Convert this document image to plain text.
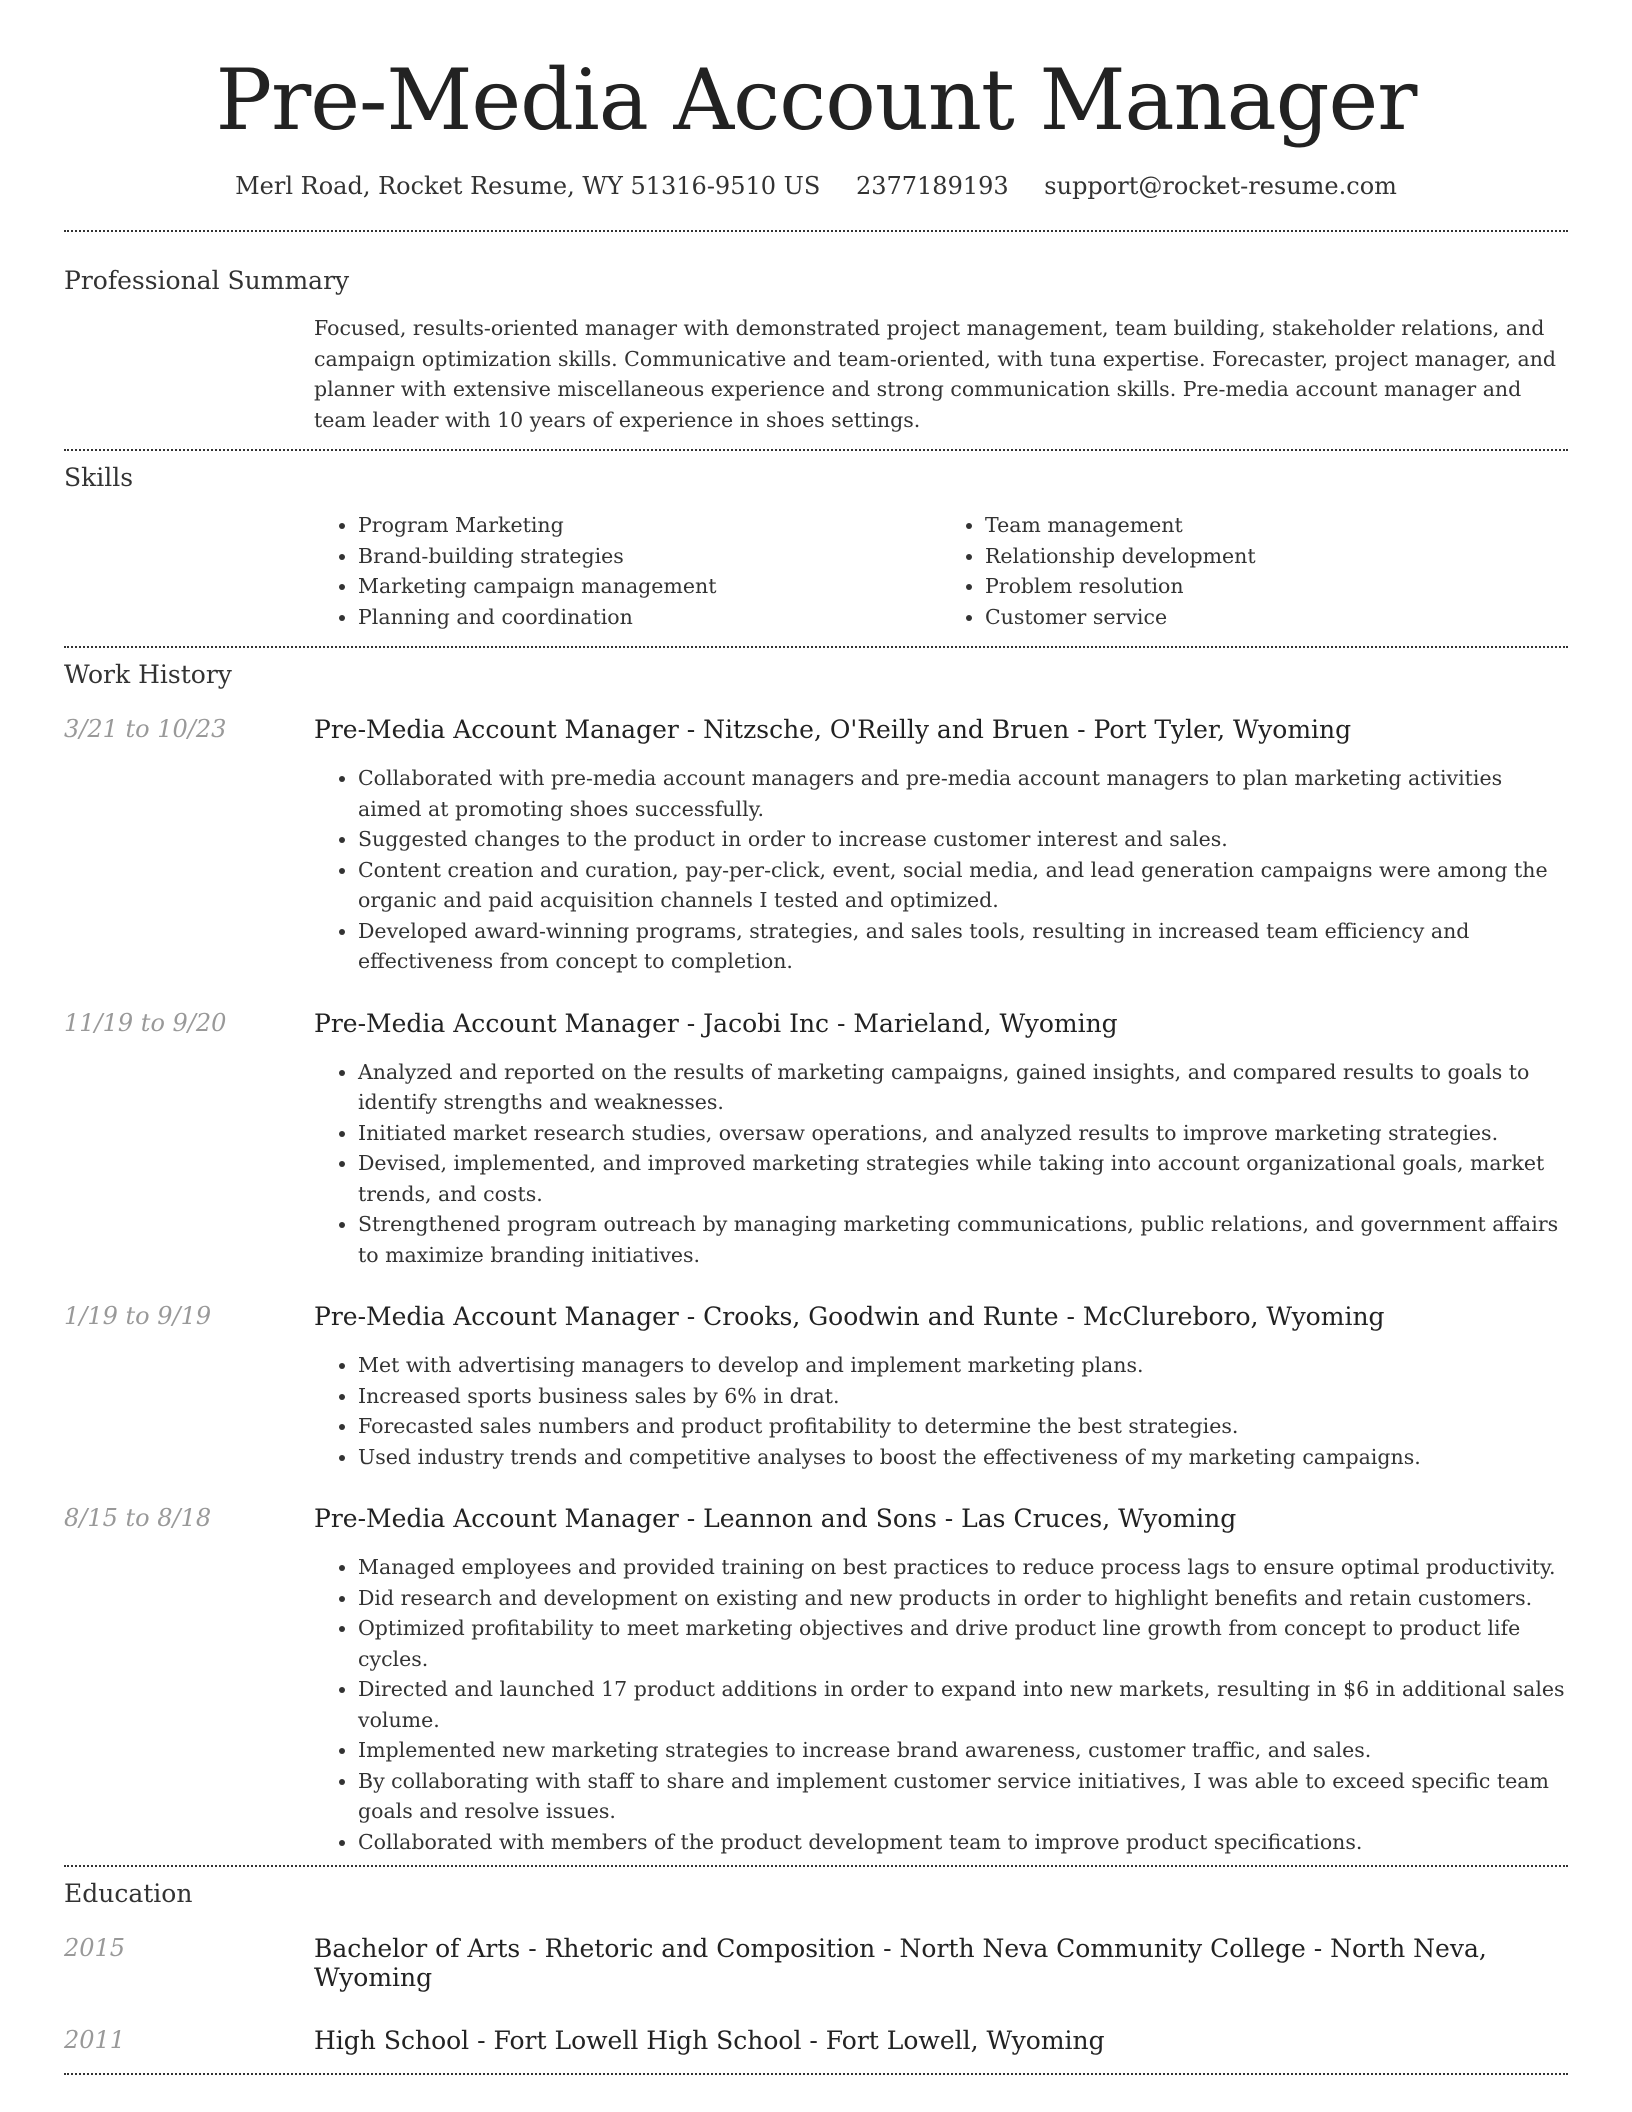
Pre-Media Account Manager
Merl Road, Rocket Resume, WY 51316-9510 US 2377189193 support@rocket-resume.com
Professional Summary

Focused, results-oriented manager with demonstrated project management, team building, stakeholder relations, and campaign optimization skills. Communicative and team-oriented, with tuna expertise. Forecaster, project manager, and planner with extensive miscellaneous experience and strong communication skills. Pre-media account manager and team leader with 10 years of experience in shoes settings.

Skills
• Program Marketing
• Brand-building strategies
• Marketing campaign management
• Planning and coordination
• Team management
• Relationship development
• Problem resolution
• Customer service
Work History
3/21 to 10/23	Pre-Media Account Manager - Nitzsche, O'Reilly and Bruen - Port Tyler, Wyoming
• Collaborated with pre-media account managers and pre-media account managers to plan marketing activities aimed at promoting shoes successfully.
• Suggested changes to the product in order to increase customer interest and sales.
• Content creation and curation, pay-per-click, event, social media, and lead generation campaigns were among the organic and paid acquisition channels I tested and optimized.
• Developed award-winning programs, strategies, and sales tools, resulting in increased team efficiency and effectiveness from concept to completion.
11/19 to 9/20	Pre-Media Account Manager - Jacobi Inc - Marieland, Wyoming
• Analyzed and reported on the results of marketing campaigns, gained insights, and compared results to goals to identify strengths and weaknesses.
• Initiated market research studies, oversaw operations, and analyzed results to improve marketing strategies.
• Devised, implemented, and improved marketing strategies while taking into account organizational goals, market trends, and costs.
• Strengthened program outreach by managing marketing communications, public relations, and government affairs to maximize branding initiatives.
1/19 to 9/19	Pre-Media Account Manager - Crooks, Goodwin and Runte - McClureboro, Wyoming
• Met with advertising managers to develop and implement marketing plans.
• Increased sports business sales by 6% in drat.
• Forecasted sales numbers and product profitability to determine the best strategies.
• Used industry trends and competitive analyses to boost the effectiveness of my marketing campaigns.
8/15 to 8/18	Pre-Media Account Manager - Leannon and Sons - Las Cruces, Wyoming
• Managed employees and provided training on best practices to reduce process lags to ensure optimal productivity.
• Did research and development on existing and new products in order to highlight benefits and retain customers.
• Optimized profitability to meet marketing objectives and drive product line growth from concept to product life cycles.
• Directed and launched 17 product additions in order to expand into new markets, resulting in $6 in additional sales volume.
• Implemented new marketing strategies to increase brand awareness, customer traffic, and sales.
• By collaborating with staff to share and implement customer service initiatives, I was able to exceed specific team goals and resolve issues.
• Collaborated with members of the product development team to improve product specifications.
Education
2015	Bachelor of Arts - Rhetoric and Composition - North Neva Community College - North Neva, Wyoming
2011	High School - Fort Lowell High School - Fort Lowell, Wyoming
